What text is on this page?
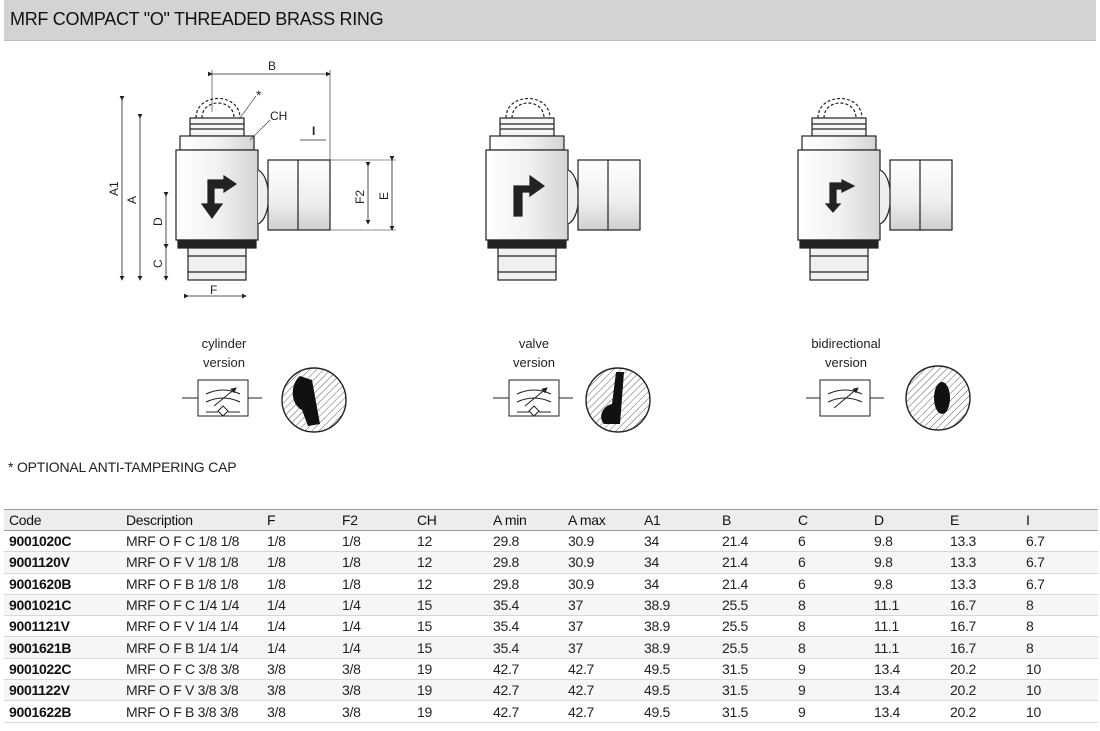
MRF COMPACT "O" THREADED BRASS RING
B
*
CH
I
A1
A
D
C
F
F2 E
cylinder
version
valve
version
bidirectional
version
* OPTIONAL ANTI-TAMPERING CAP
Code	Description	F	F2	CH	A min	A max	A1	B	C	D	E	I
9001020C	MRF O F C 1/8 1/8	1/8	1/8	12	29.8	30.9	34	21.4	6	9.8	13.3	6.7
9001120V	MRF O F V 1/8 1/8	1/8	1/8	12	29.8	30.9	34	21.4	6	9.8	13.3	6.7
9001620B	MRF O F B 1/8 1/8	1/8	1/8	12	29.8	30.9	34	21.4	6	9.8	13.3	6.7
9001021C	MRF O F C 1/4 1/4	1/4	1/4	15	35.4	37	38.9	25.5	8	11.1	16.7	8
9001121V	MRF O F V 1/4 1/4	1/4	1/4	15	35.4	37	38.9	25.5	8	11.1	16.7	8
9001621B	MRF O F B 1/4 1/4	1/4	1/4	15	35.4	37	38.9	25.5	8	11.1	16.7	8
9001022C	MRF O F C 3/8 3/8	3/8	3/8	19	42.7	42.7	49.5	31.5	9	13.4	20.2	10
9001122V	MRF O F V 3/8 3/8	3/8	3/8	19	42.7	42.7	49.5	31.5	9	13.4	20.2	10
9001622B	MRF O F B 3/8 3/8	3/8	3/8	19	42.7	42.7	49.5	31.5	9	13.4	20.2	10
